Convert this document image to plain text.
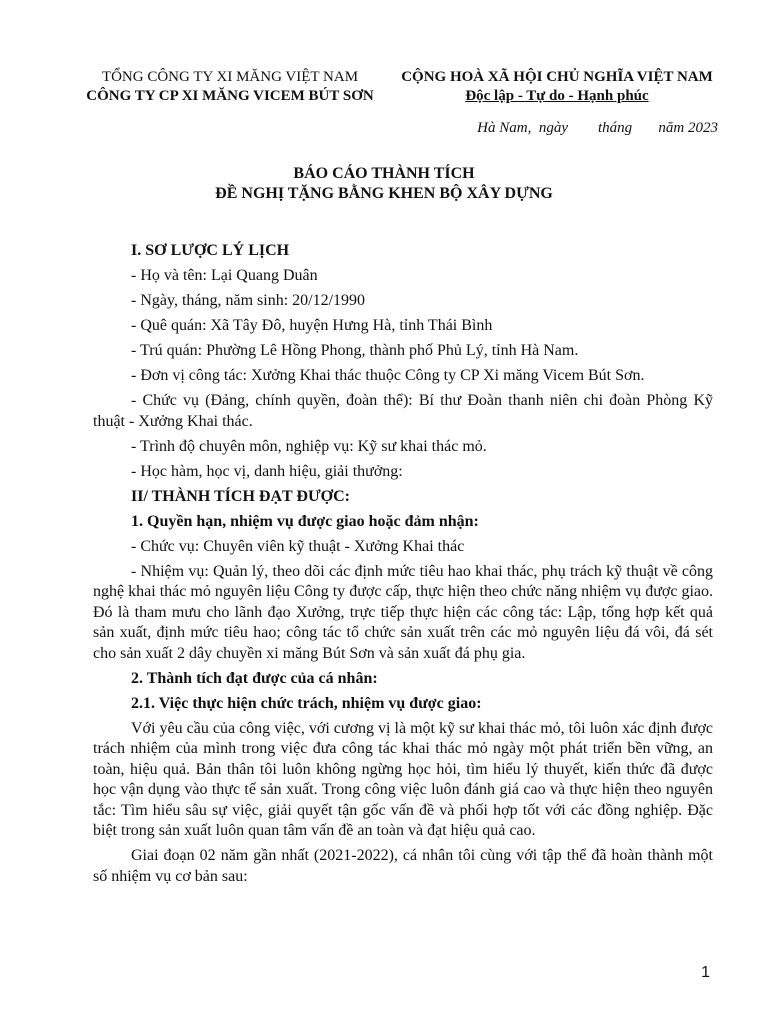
TỔNG CÔNG TY XI MĂNG VIỆT NAM
CÔNG TY CP XI MĂNG VICEM BÚT SƠN
CỘNG HOÀ XÃ HỘI CHỦ NGHĨA VIỆT NAM
Độc lập - Tự do - Hạnh phúc
Hà Nam,  ngày        tháng       năm 2023
BÁO CÁO THÀNH TÍCH
ĐỀ NGHỊ TẶNG BẰNG KHEN BỘ XÂY DỰNG

I. SƠ LƯỢC LÝ LỊCH

- Họ và tên: Lại Quang Duân

- Ngày, tháng, năm sinh: 20/12/1990

- Quê quán: Xã Tây Đô, huyện Hưng Hà, tỉnh Thái Bình

- Trú quán: Phường Lê Hồng Phong, thành phố Phủ Lý, tỉnh Hà Nam.

- Đơn vị công tác: Xưởng Khai thác thuộc Công ty CP Xi măng Vicem Bút Sơn.

- Chức vụ (Đảng, chính quyền, đoàn thể): Bí thư Đoàn thanh niên chi đoàn Phòng Kỹ thuật - Xưởng Khai thác.

- Trình độ chuyên môn, nghiệp vụ: Kỹ sư khai thác mỏ.

- Học hàm, học vị, danh hiệu, giải thưởng:

II/ THÀNH TÍCH ĐẠT ĐƯỢC:

1. Quyền hạn, nhiệm vụ được giao hoặc đảm nhận:

- Chức vụ: Chuyên viên kỹ thuật - Xưởng Khai thác

- Nhiệm vụ: Quản lý, theo dõi các định mức tiêu hao khai thác, phụ trách kỹ thuật về công nghệ khai thác mỏ nguyên liệu Công ty được cấp, thực hiện theo chức năng nhiệm vụ được giao. Đó là tham mưu cho lãnh đạo Xưởng, trực tiếp thực hiện các công tác: Lập, tổng hợp kết quả sản xuất, định mức tiêu hao; công tác tổ chức sản xuất trên các mỏ nguyên liệu đá vôi, đá sét cho sản xuất 2 dây chuyền xi măng Bút Sơn và sản xuất đá phụ gia.

2. Thành tích đạt được của cá nhân:

2.1. Việc thực hiện chức trách, nhiệm vụ được giao:

Với yêu cầu của công việc, với cương vị là một kỹ sư khai thác mỏ, tôi luôn xác định được trách nhiệm của mình trong việc đưa công tác khai thác mỏ ngày một phát triển bền vững, an toàn, hiệu quả. Bản thân tôi luôn không ngừng học hỏi, tìm hiểu lý thuyết, kiến thức đã được học vận dụng vào thực tế sản xuất. Trong công việc luôn đánh giá cao và thực hiện theo nguyên tắc: Tìm hiểu sâu sự việc, giải quyết tận gốc vấn đề và phối hợp tốt với các đồng nghiệp. Đặc biệt trong sản xuất luôn quan tâm vấn đề an toàn và đạt hiệu quả cao.

Giai đoạn 02 năm gần nhất (2021-2022), cá nhân tôi cùng với tập thể đã hoàn thành một số nhiệm vụ cơ bản sau:

1
